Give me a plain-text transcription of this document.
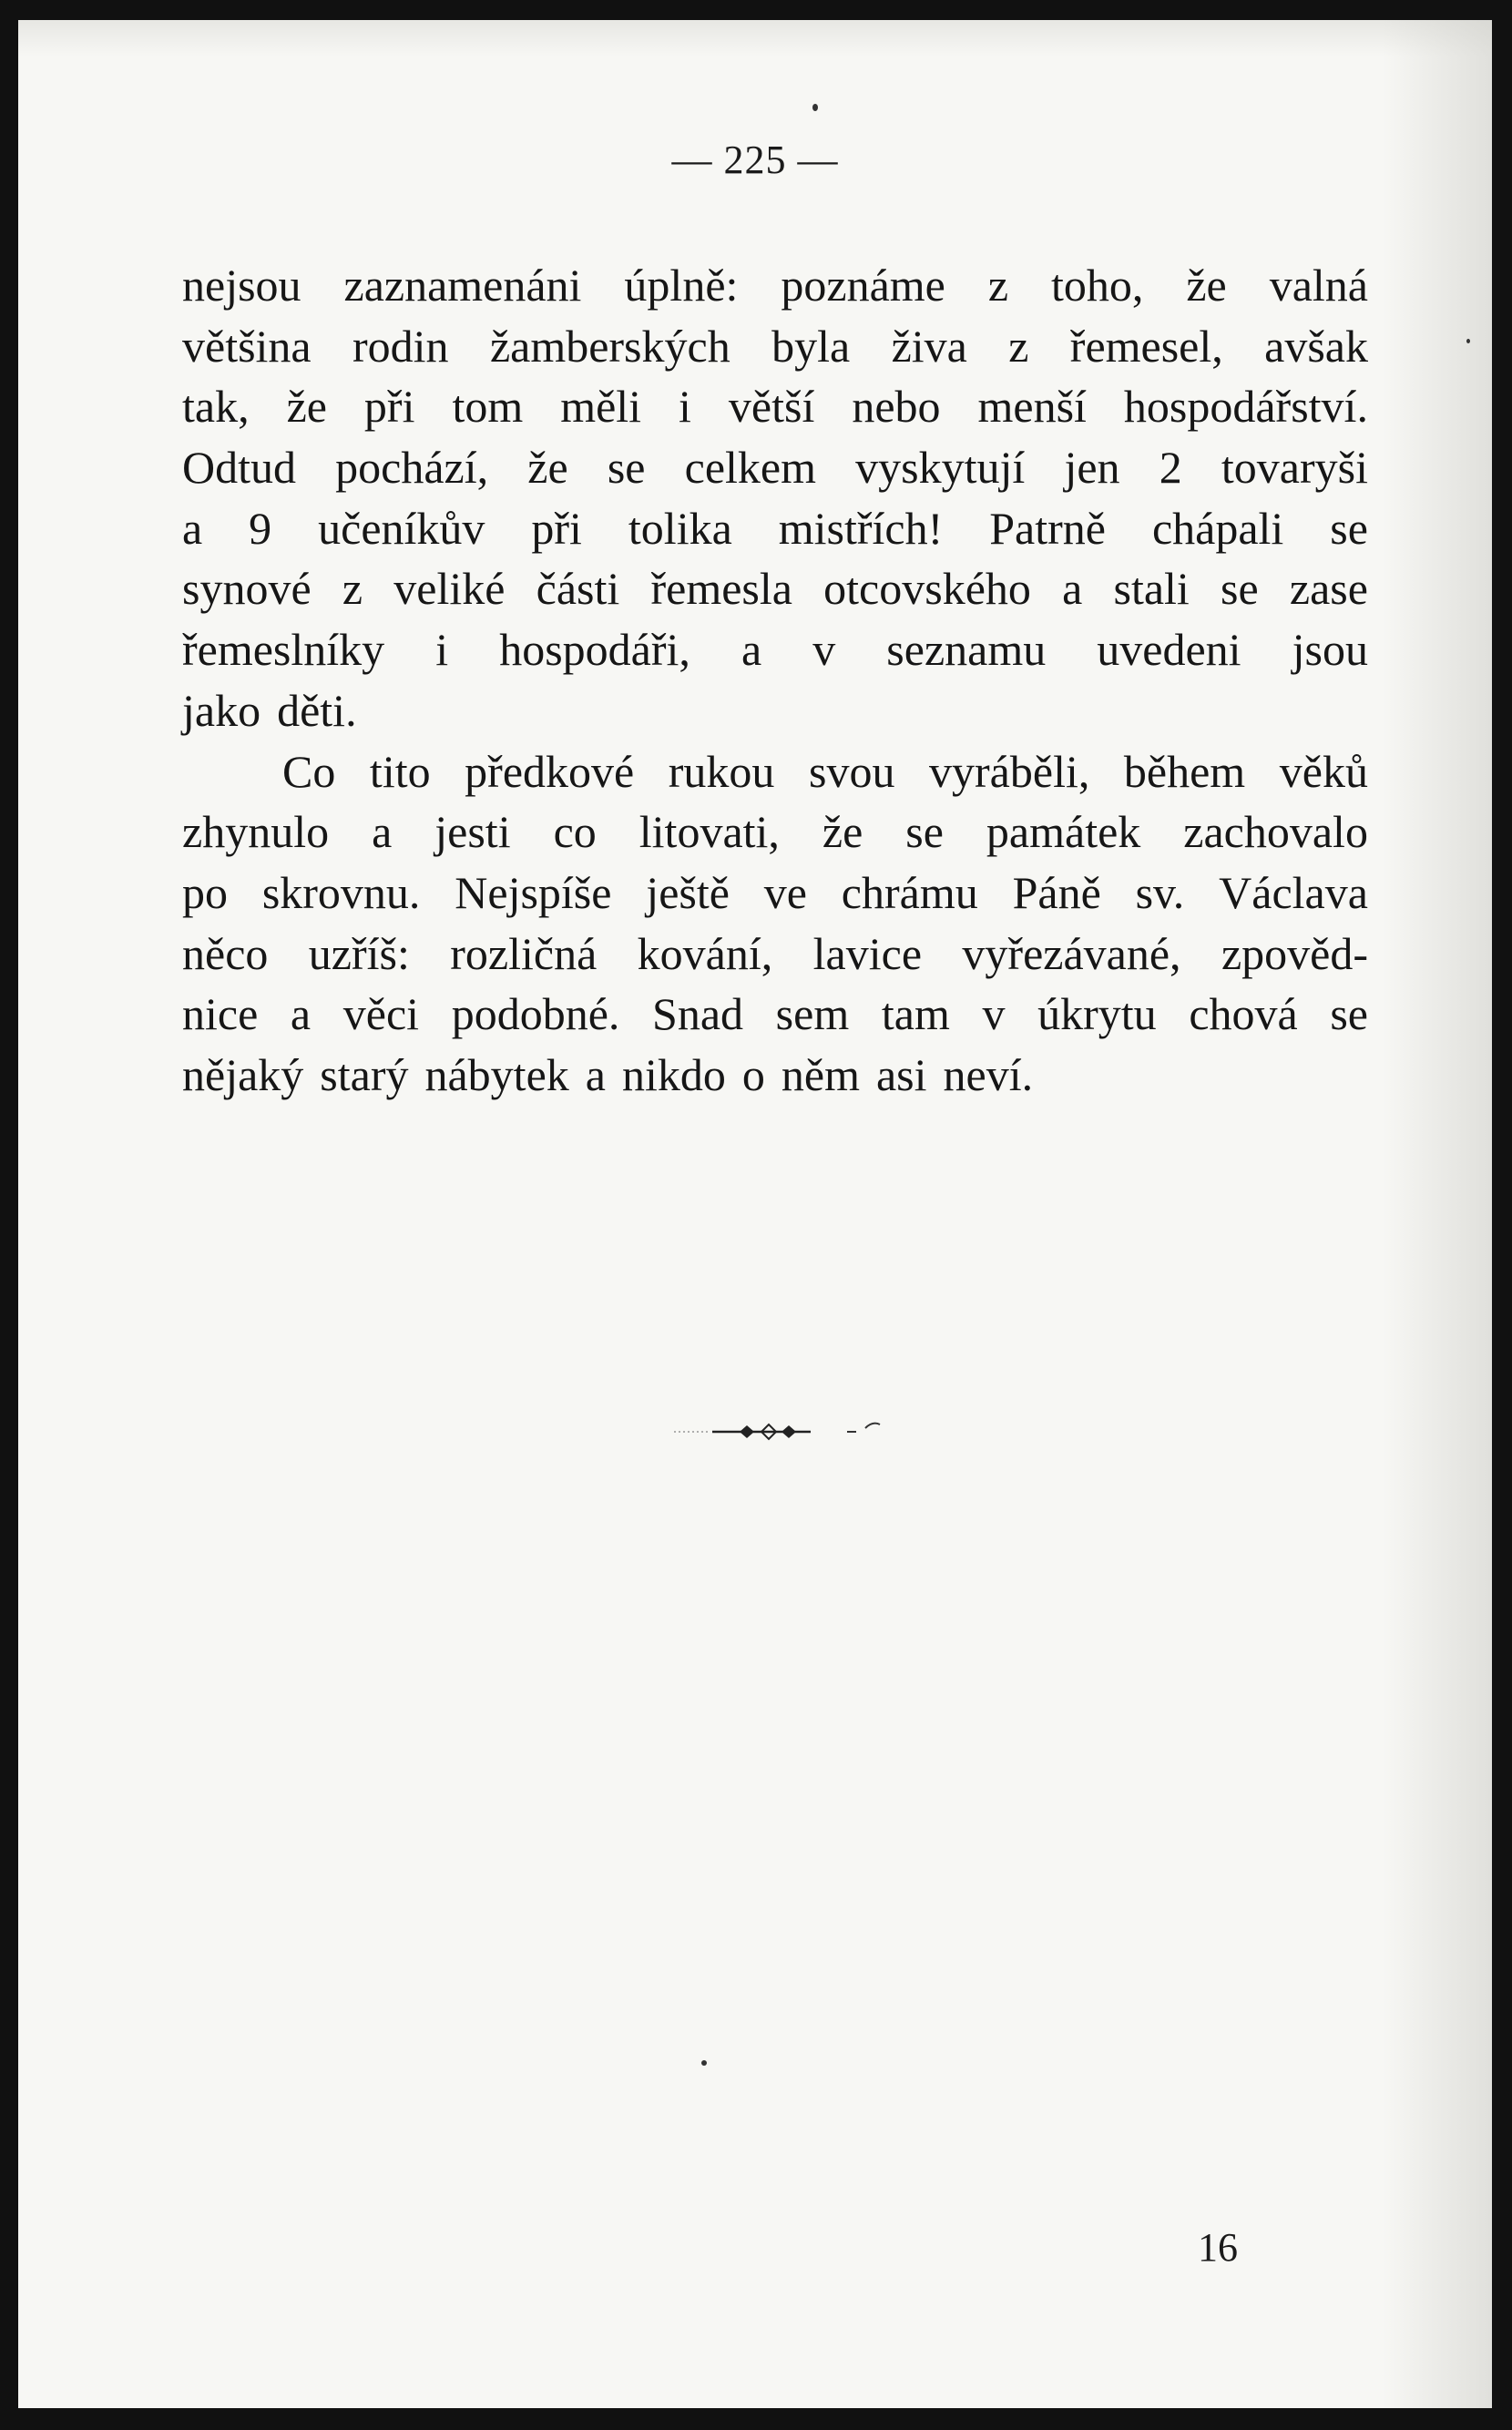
— 225 —
nejsou zaznamenáni úplně: poznáme z toho, že valná
většina rodin žamberských byla živa z řemesel, avšak
tak, že při tom měli i větší nebo menší hospodářství.
Odtud pochází, že se celkem vyskytují jen 2 tovaryši
a 9 učeníkův při tolika mistřích! Patrně chápali se
synové z veliké části řemesla otcovského a stali se zase
řemeslníky i hospodáři, a v seznamu uvedeni jsou
jako děti.
Co tito předkové rukou svou vyráběli, během věků
zhynulo a jesti co litovati, že se památek zachovalo
po skrovnu. Nejspíše ještě ve chrámu Páně sv. Václava
něco uzříš: rozličná kování, lavice vyřezávané, zpověd-
nice a věci podobné. Snad sem tam v úkrytu chová se
nějaký starý nábytek a nikdo o něm asi neví.
16
